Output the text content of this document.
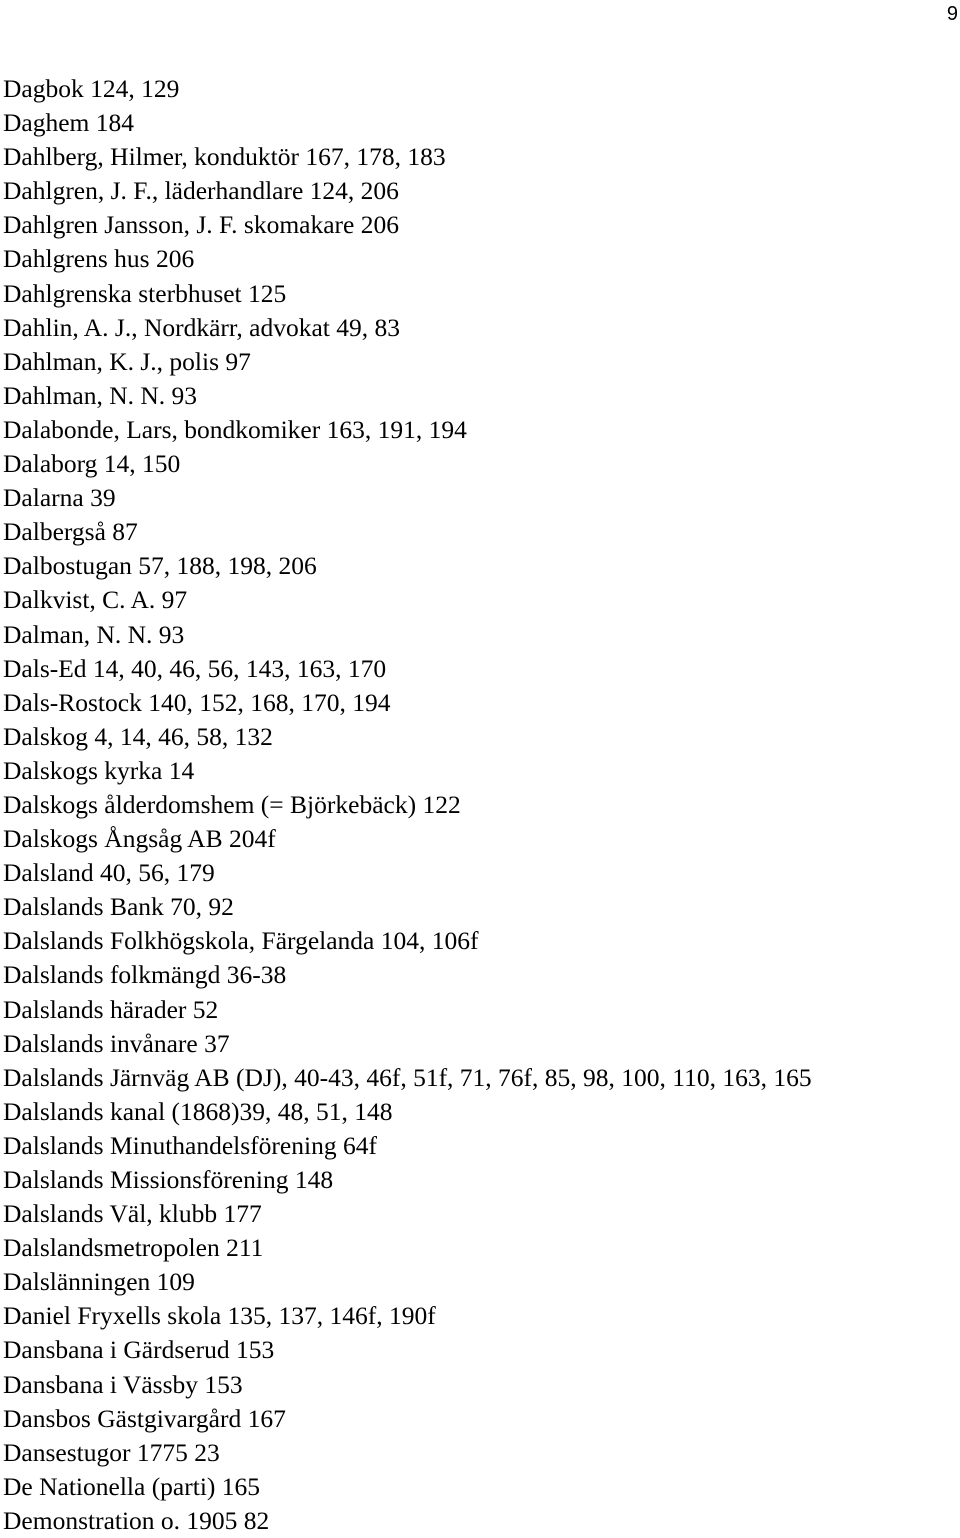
9
Dagbok 124, 129
Daghem 184
Dahlberg, Hilmer, konduktör 167, 178, 183
Dahlgren, J. F., läderhandlare 124, 206
Dahlgren Jansson, J. F. skomakare 206
Dahlgrens hus 206
Dahlgrenska sterbhuset 125
Dahlin, A. J., Nordkärr, advokat 49, 83
Dahlman, K. J., polis 97
Dahlman, N. N. 93
Dalabonde, Lars, bondkomiker 163, 191, 194
Dalaborg 14, 150
Dalarna 39
Dalbergså 87
Dalbostugan 57, 188, 198, 206
Dalkvist, C. A. 97
Dalman, N. N. 93
Dals-Ed 14, 40, 46, 56, 143, 163, 170
Dals-Rostock 140, 152, 168, 170, 194
Dalskog 4, 14, 46, 58, 132
Dalskogs kyrka 14
Dalskogs ålderdomshem (= Björkebäck) 122
Dalskogs Ångsåg AB 204f
Dalsland 40, 56, 179
Dalslands Bank 70, 92
Dalslands Folkhögskola, Färgelanda 104, 106f
Dalslands folkmängd 36-38
Dalslands härader 52
Dalslands invånare 37
Dalslands Järnväg AB (DJ), 40-43, 46f, 51f, 71, 76f, 85, 98, 100, 110, 163, 165
Dalslands kanal (1868)39, 48, 51, 148
Dalslands Minuthandelsförening 64f
Dalslands Missionsförening 148
Dalslands Väl, klubb 177
Dalslandsmetropolen 211
Dalslänningen 109
Daniel Fryxells skola 135, 137, 146f, 190f
Dansbana i Gärdserud 153
Dansbana i Vässby 153
Dansbos Gästgivargård 167
Dansestugor 1775 23
De Nationella (parti) 165
Demonstration o. 1905 82
